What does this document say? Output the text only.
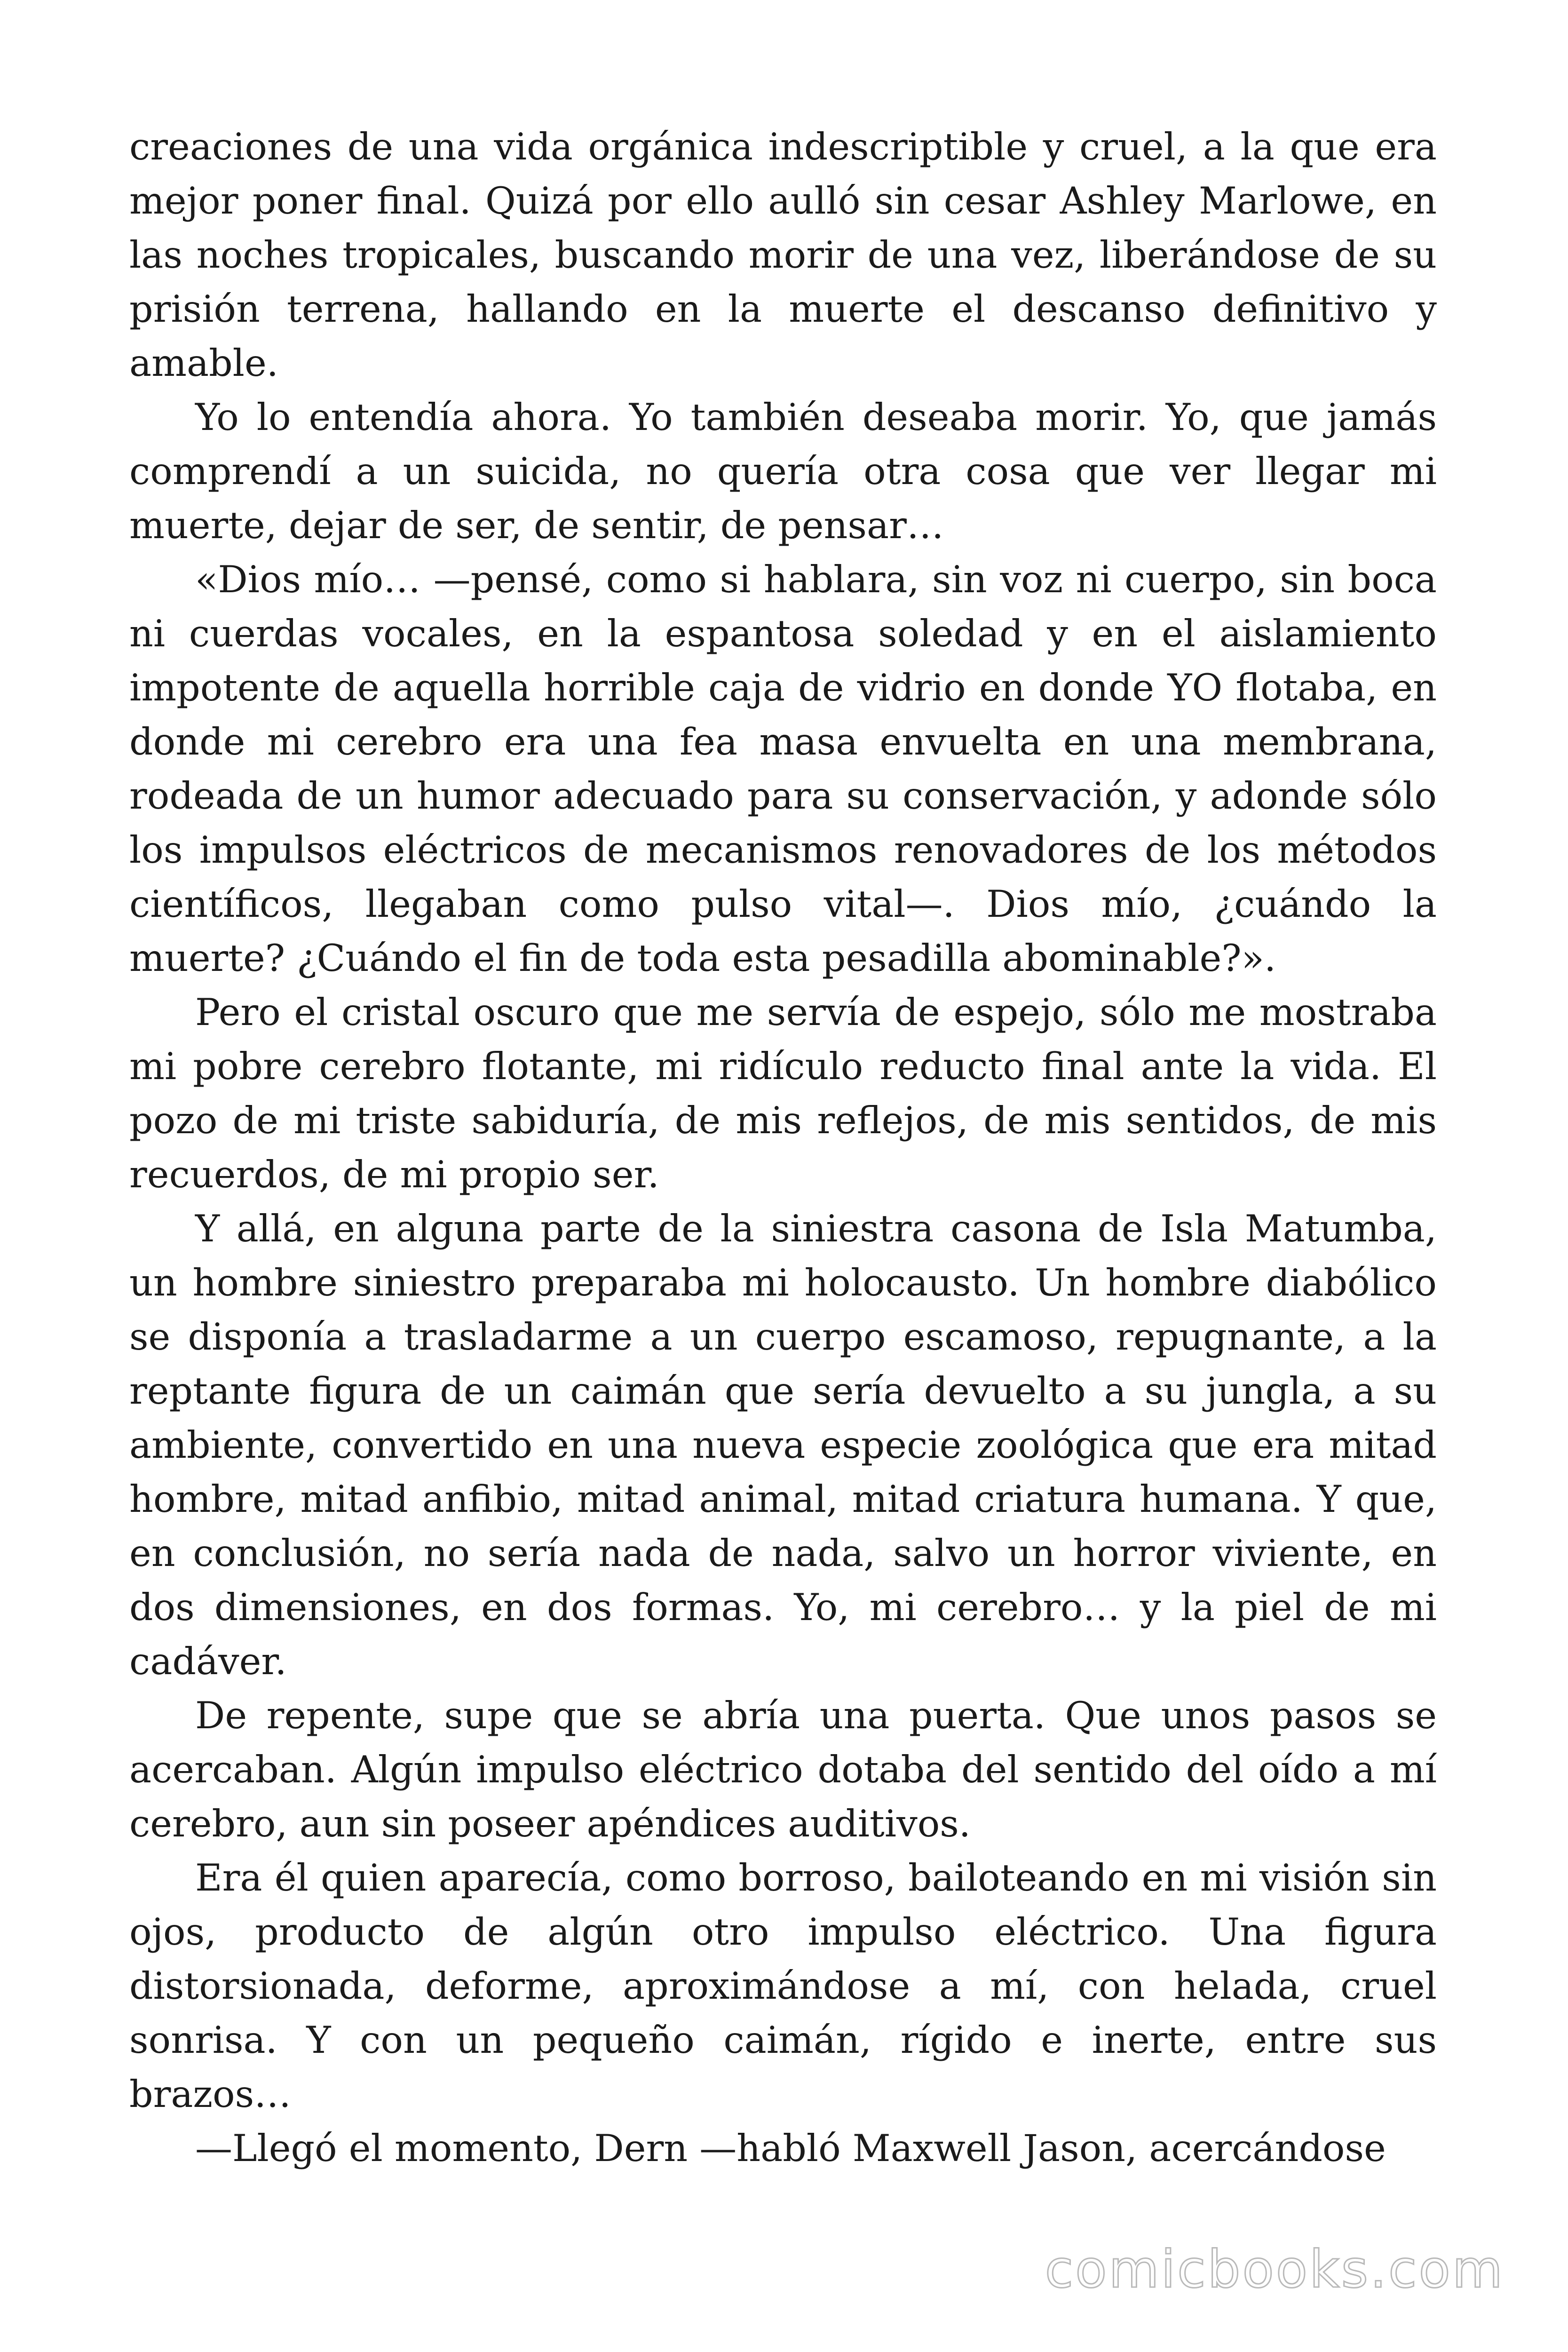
creaciones de una vida orgánica indescriptible y cruel, a la que era mejor poner final. Quizá por ello aulló sin cesar Ashley Marlowe, en las noches tropicales, buscando morir de una vez, liberándose de su prisión terrena, hallando en la muerte el descanso definitivo y amable.

Yo lo entendía ahora. Yo también deseaba morir. Yo, que jamás comprendí a un suicida, no quería otra cosa que ver llegar mi muerte, dejar de ser, de sentir, de pensar…

«Dios mío… —pensé, como si hablara, sin voz ni cuerpo, sin boca ni cuerdas vocales, en la espantosa soledad y en el aislamiento impotente de aquella horrible caja de vidrio en donde YO flotaba, en donde mi cerebro era una fea masa envuelta en una membrana, rodeada de un humor adecuado para su conservación, y adonde sólo los impulsos eléctricos de mecanismos renovadores de los métodos científicos, llegaban como pulso vital—. Dios mío, ¿cuándo la muerte? ¿Cuándo el fin de toda esta pesadilla abominable?».

Pero el cristal oscuro que me servía de espejo, sólo me mostraba mi pobre cerebro flotante, mi ridículo reducto final ante la vida. El pozo de mi triste sabiduría, de mis reflejos, de mis sentidos, de mis recuerdos, de mi propio ser.

Y allá, en alguna parte de la siniestra casona de Isla Matumba, un hombre siniestro preparaba mi holocausto. Un hombre diabólico se disponía a trasladarme a un cuerpo escamoso, repugnante, a la reptante figura de un caimán que sería devuelto a su jungla, a su ambiente, convertido en una nueva especie zoológica que era mitad hombre, mitad anfibio, mitad animal, mitad criatura humana. Y que, en conclusión, no sería nada de nada, salvo un horror viviente, en dos dimensiones, en dos formas. Yo, mi cerebro… y la piel de mi cadáver.

De repente, supe que se abría una puerta. Que unos pasos se acercaban. Algún impulso eléctrico dotaba del sentido del oído a mí cerebro, aun sin poseer apéndices auditivos.

Era él quien aparecía, como borroso, bailoteando en mi visión sin ojos, producto de algún otro impulso eléctrico. Una figura distorsionada, deforme, aproximándose a mí, con helada, cruel sonrisa. Y con un pequeño caimán, rígido e inerte, entre sus brazos…

—Llegó el momento, Dern —habló Maxwell Jason, acercándose

comicbooks.com
